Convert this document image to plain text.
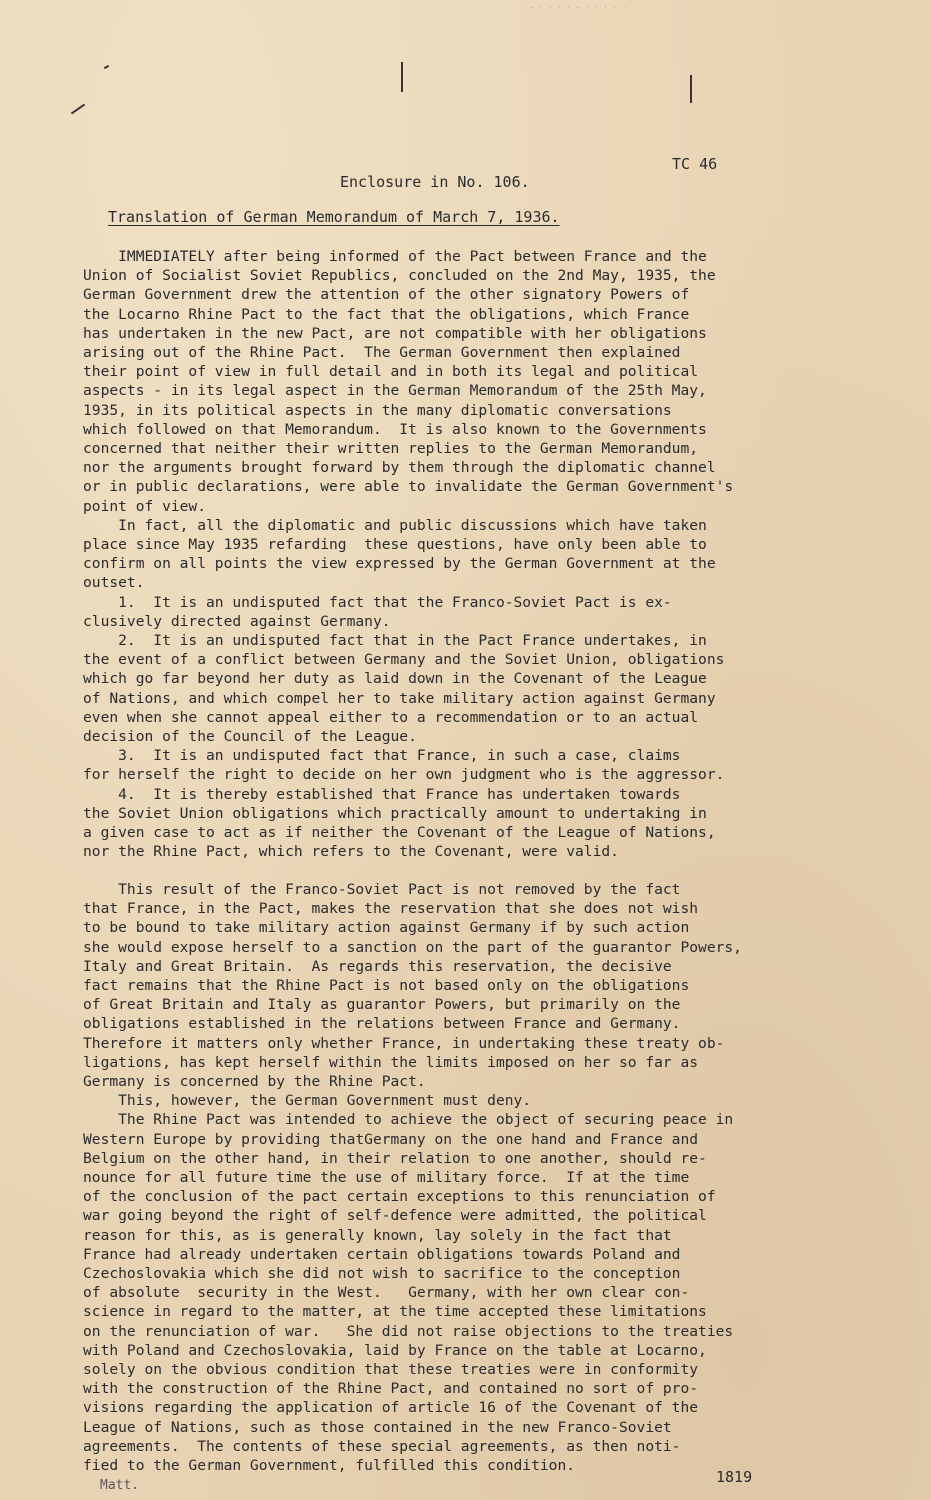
- · · · · - · · · · ·
TC 46
Enclosure in No. 106.
Translation of German Memorandum of March 7, 1936.

IMMEDIATELY after being informed of the Pact between France and the

Union of Socialist Soviet Republics, concluded on the 2nd May, 1935, the

German Government drew the attention of the other signatory Powers of

the Locarno Rhine Pact to the fact that the obligations, which France

has undertaken in the new Pact, are not compatible with her obligations

arising out of the Rhine Pact.  The German Government then explained

their point of view in full detail and in both its legal and political

aspects - in its legal aspect in the German Memorandum of the 25th May,

1935, in its political aspects in the many diplomatic conversations

which followed on that Memorandum.  It is also known to the Governments

concerned that neither their written replies to the German Memorandum,

nor the arguments brought forward by them through the diplomatic channel

or in public declarations, were able to invalidate the German Government's

point of view.

In fact, all the diplomatic and public discussions which have taken

place since May 1935 refarding  these questions, have only been able to

confirm on all points the view expressed by the German Government at the

outset.

1.  It is an undisputed fact that the Franco-Soviet Pact is ex-

clusively directed against Germany.

2.  It is an undisputed fact that in the Pact France undertakes, in

the event of a conflict between Germany and the Soviet Union, obligations

which go far beyond her duty as laid down in the Covenant of the League

of Nations, and which compel her to take military action against Germany

even when she cannot appeal either to a recommendation or to an actual

decision of the Council of the League.

3.  It is an undisputed fact that France, in such a case, claims

for herself the right to decide on her own judgment who is the aggressor.

4.  It is thereby established that France has undertaken towards

the Soviet Union obligations which practically amount to undertaking in

a given case to act as if neither the Covenant of the League of Nations,

nor the Rhine Pact, which refers to the Covenant, were valid.

This result of the Franco-Soviet Pact is not removed by the fact

that France, in the Pact, makes the reservation that she does not wish

to be bound to take military action against Germany if by such action

she would expose herself to a sanction on the part of the guarantor Powers,

Italy and Great Britain.  As regards this reservation, the decisive

fact remains that the Rhine Pact is not based only on the obligations

of Great Britain and Italy as guarantor Powers, but primarily on the

obligations established in the relations between France and Germany.

Therefore it matters only whether France, in undertaking these treaty ob-

ligations, has kept herself within the limits imposed on her so far as

Germany is concerned by the Rhine Pact.

This, however, the German Government must deny.

The Rhine Pact was intended to achieve the object of securing peace in

Western Europe by providing thatGermany on the one hand and France and

Belgium on the other hand, in their relation to one another, should re-

nounce for all future time the use of military force.  If at the time

of the conclusion of the pact certain exceptions to this renunciation of

war going beyond the right of self-defence were admitted, the political

reason for this, as is generally known, lay solely in the fact that

France had already undertaken certain obligations towards Poland and

Czechoslovakia which she did not wish to sacrifice to the conception

of absolute  security in the West.   Germany, with her own clear con-

science in regard to the matter, at the time accepted these limitations

on the renunciation of war.   She did not raise objections to the treaties

with Poland and Czechoslovakia, laid by France on the table at Locarno,

solely on the obvious condition that these treaties were in conformity

with the construction of the Rhine Pact, and contained no sort of pro-

visions regarding the application of article 16 of the Covenant of the

League of Nations, such as those contained in the new Franco-Soviet

agreements.  The contents of these special agreements, as then noti-

fied to the German Government, fulfilled this condition.

Matt.	1819
